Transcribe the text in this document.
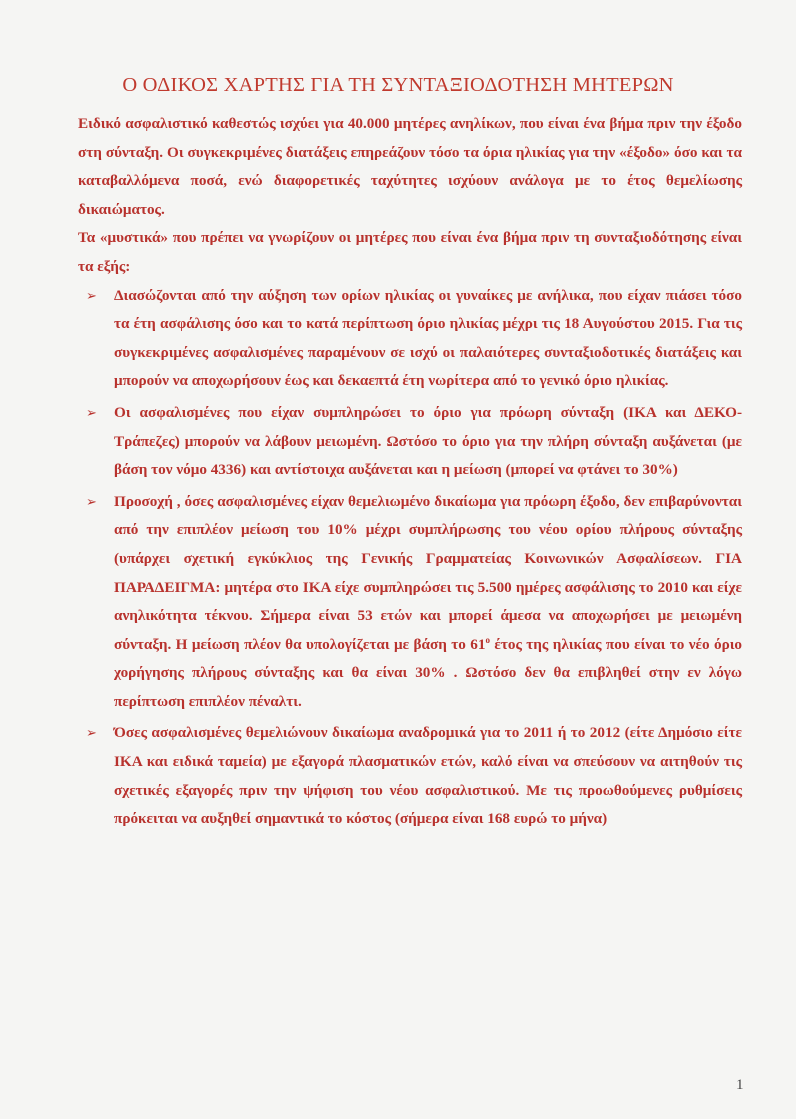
Ο ΟΔΙΚΟΣ ΧΑΡΤΗΣ ΓΙΑ ΤΗ ΣΥΝΤΑΞΙΟΔΟΤΗΣΗ ΜΗΤΕΡΩΝ

Ειδικό ασφαλιστικό καθεστώς ισχύει για 40.000 μητέρες ανηλίκων, που είναι ένα βήμα πριν την έξοδο στη σύνταξη. Οι συγκεκριμένες διατάξεις επηρεάζουν τόσο τα όρια ηλικίας για την «έξοδο» όσο και τα καταβαλλόμενα ποσά, ενώ διαφορετικές ταχύτητες ισχύουν ανάλογα με το έτος θεμελίωσης δικαιώματος.

Τα «μυστικά» που πρέπει να γνωρίζουν οι μητέρες που είναι ένα βήμα πριν τη συνταξιοδότησης είναι τα εξής:

➢ Διασώζονται από την αύξηση των ορίων ηλικίας οι γυναίκες με ανήλικα, που είχαν πιάσει τόσο τα έτη ασφάλισης όσο και το κατά περίπτωση όριο ηλικίας μέχρι τις 18 Αυγούστου 2015. Για τις συγκεκριμένες ασφαλισμένες παραμένουν σε ισχύ οι παλαιότερες συνταξιοδοτικές διατάξεις και μπορούν να αποχωρήσουν έως και δεκαεπτά έτη νωρίτερα από το γενικό όριο ηλικίας.
➢ Οι ασφαλισμένες που είχαν συμπληρώσει το όριο για πρόωρη σύνταξη (ΙΚΑ και ΔΕΚΟ-Τράπεζες) μπορούν να λάβουν μειωμένη. Ωστόσο το όριο για την πλήρη σύνταξη αυξάνεται (με βάση τον νόμο 4336) και αντίστοιχα αυξάνεται και η μείωση (μπορεί να φτάνει το 30%)
➢ Προσοχή , όσες ασφαλισμένες είχαν θεμελιωμένο δικαίωμα για πρόωρη έξοδο, δεν επιβαρύνονται από την επιπλέον μείωση του 10% μέχρι συμπλήρωσης του νέου ορίου πλήρους σύνταξης (υπάρχει σχετική εγκύκλιος της Γενικής Γραμματείας Κοινωνικών Ασφαλίσεων. ΓΙΑ ΠΑΡΑΔΕΙΓΜΑ: μητέρα στο ΙΚΑ είχε συμπληρώσει τις 5.500 ημέρες ασφάλισης το 2010 και είχε ανηλικότητα τέκνου. Σήμερα είναι 53 ετών και μπορεί άμεσα να αποχωρήσει με μειωμένη σύνταξη. Η μείωση πλέον θα υπολογίζεται με βάση το $61^o$ έτος της ηλικίας που είναι το νέο όριο χορήγησης πλήρους σύνταξης και θα είναι 30% . Ωστόσο δεν θα επιβληθεί στην εν λόγω περίπτωση επιπλέον πέναλτι.
➢ Όσες ασφαλισμένες θεμελιώνουν δικαίωμα αναδρομικά για το 2011 ή το 2012 (είτε Δημόσιο είτε ΙΚΑ και ειδικά ταμεία) με εξαγορά πλασματικών ετών, καλό είναι να σπεύσουν να αιτηθούν τις σχετικές εξαγορές πριν την ψήφιση του νέου ασφαλιστικού. Με τις προωθούμενες ρυθμίσεις πρόκειται να αυξηθεί σημαντικά το κόστος (σήμερα είναι 168 ευρώ το μήνα)
1
